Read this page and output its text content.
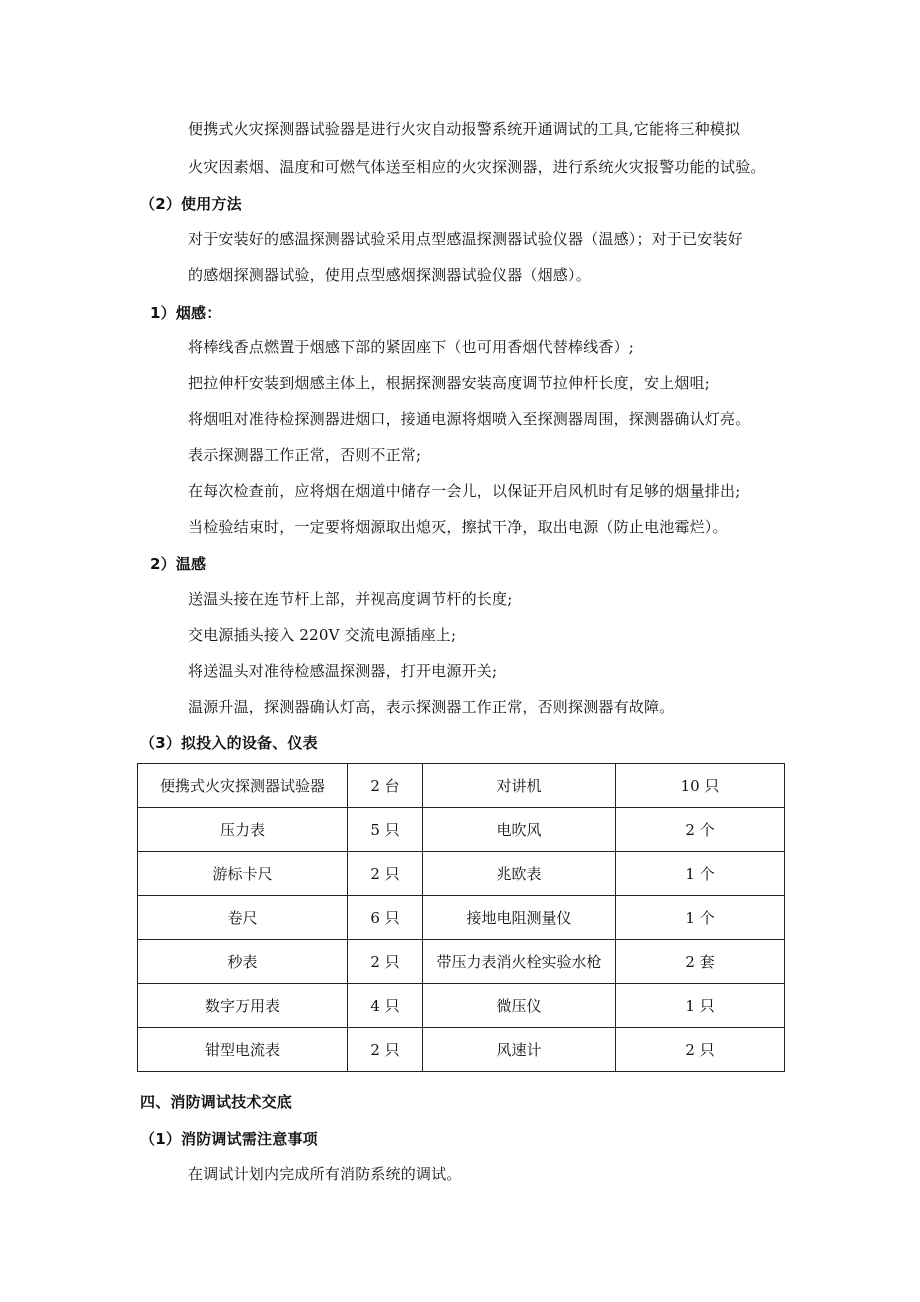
便携式火灾探测器试验器是进行火灾自动报警系统开通调试的工具,它能将三种模拟
火灾因素烟、温度和可燃气体送至相应的火灾探测器，进行系统火灾报警功能的试验。
（2）使用方法
对于安装好的感温探测器试验采用点型感温探测器试验仪器（温感）；对于已安装好
的感烟探测器试验，使用点型感烟探测器试验仪器（烟感）。
1）烟感：
将棒线香点燃置于烟感下部的紧固座下（也可用香烟代替棒线香）;
把拉伸杆安装到烟感主体上，根据探测器安装高度调节拉伸杆长度，安上烟咀;
将烟咀对准待检探测器进烟口，接通电源将烟喷入至探测器周围，探测器确认灯亮。
表示探测器工作正常，否则不正常;
在每次检查前，应将烟在烟道中储存一会儿，以保证开启风机时有足够的烟量排出;
当检验结束时，一定要将烟源取出熄灭，擦拭干净，取出电源（防止电池霉烂）。
2）温感
送温头接在连节杆上部，并视高度调节杆的长度;
交电源插头接入 220V 交流电源插座上;
将送温头对准待检感温探测器，打开电源开关;
温源升温，探测器确认灯高，表示探测器工作正常，否则探测器有故障。
（3）拟投入的设备、仪表
便携式火灾探测器试验器	2 台	对讲机	10 只
压力表	5 只	电吹风	2 个
游标卡尺	2 只	兆欧表	1 个
卷尺	6 只	接地电阻测量仪	1 个
秒表	2 只	带压力表消火栓实验水枪	2 套
数字万用表	4 只	微压仪	1 只
钳型电流表	2 只	风速计	2 只
四、消防调试技术交底
（1）消防调试需注意事项
在调试计划内完成所有消防系统的调试。
